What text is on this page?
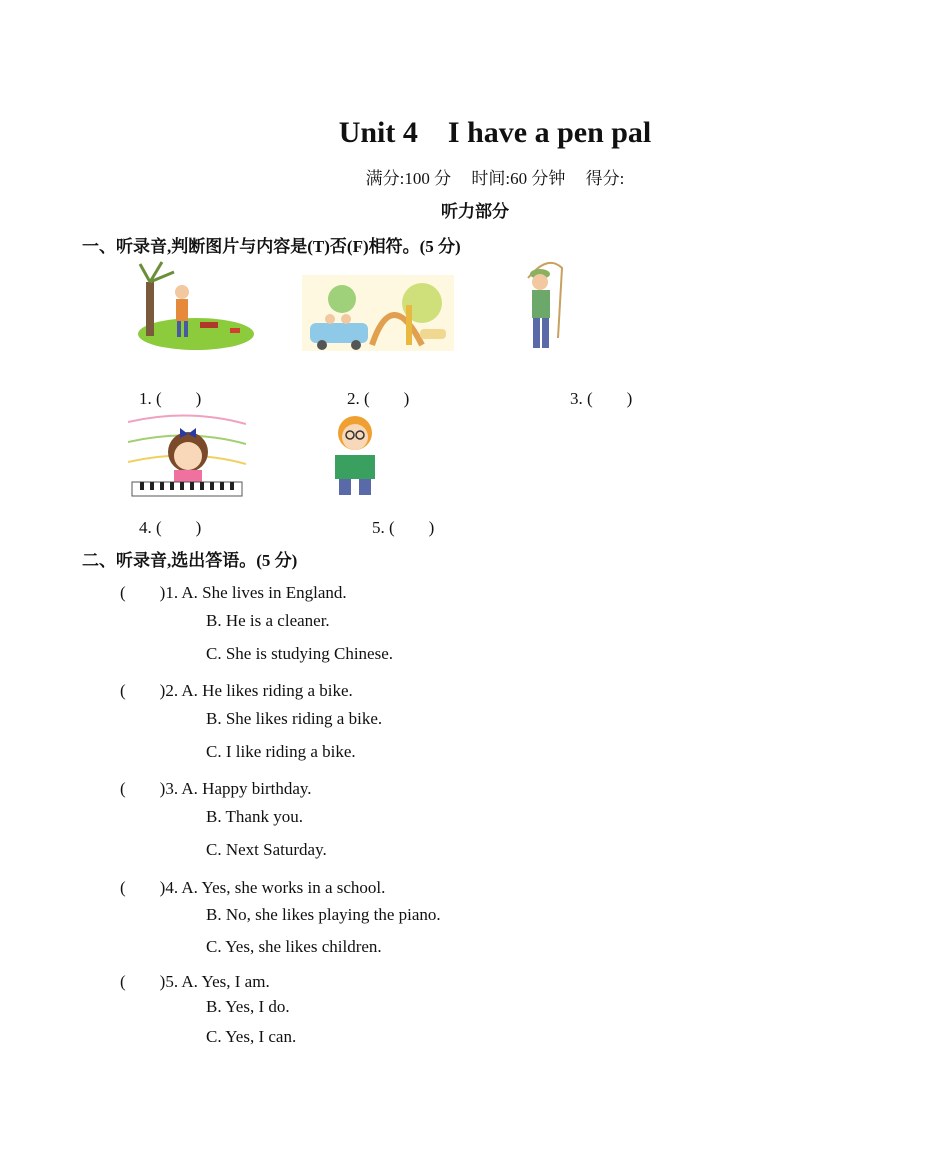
Unit 4 I have a pen pal
满分:100 分 时间:60 分钟 得分:
听力部分
一、听录音,判断图片与内容是(T)否(F)相符。(5 分)
1. (　　)	2. (　　)	3. (　　)
4. (　　)	5. (　　)
二、听录音,选出答语。(5 分)
(　　)1. A. She lives in England.
B. He is a cleaner.
C. She is studying Chinese.
(　　)2. A. He likes riding a bike.
B. She likes riding a bike.
C. I like riding a bike.
(　　)3. A. Happy birthday.
B. Thank you.
C. Next Saturday.
(　　)4. A. Yes, she works in a school.
B. No, she likes playing the piano.
C. Yes, she likes children.
(　　)5. A. Yes, I am.
B. Yes, I do.
C. Yes, I can.
